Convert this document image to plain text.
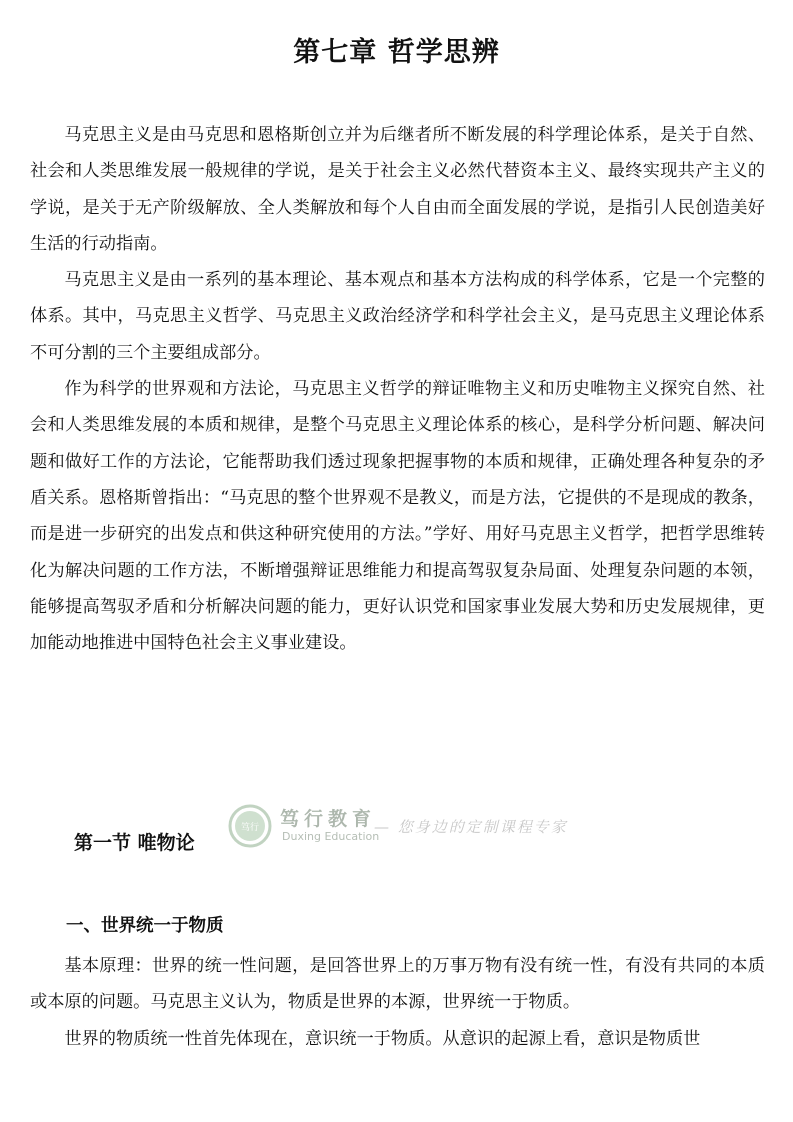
第七章 哲学思辨

马克思主义是由马克思和恩格斯创立并为后继者所不断发展的科学理论体系，是关于自然、社会和人类思维发展一般规律的学说，是关于社会主义必然代替资本主义、最终实现共产主义的学说，是关于无产阶级解放、全人类解放和每个人自由而全面发展的学说，是指引人民创造美好生活的行动指南。

马克思主义是由一系列的基本理论、基本观点和基本方法构成的科学体系，它是一个完整的体系。其中，马克思主义哲学、马克思主义政治经济学和科学社会主义，是马克思主义理论体系不可分割的三个主要组成部分。

作为科学的世界观和方法论，马克思主义哲学的辩证唯物主义和历史唯物主义探究自然、社会和人类思维发展的本质和规律，是整个马克思主义理论体系的核心，是科学分析问题、解决问题和做好工作的方法论，它能帮助我们透过现象把握事物的本质和规律，正确处理各种复杂的矛盾关系。恩格斯曾指出：“马克思的整个世界观不是教义，而是方法，它提供的不是现成的教条，而是进一步研究的出发点和供这种研究使用的方法。”学好、用好马克思主义哲学，把哲学思维转化为解决问题的工作方法，不断增强辩证思维能力和提高驾驭复杂局面、处理复杂问题的本领，能够提高驾驭矛盾和分析解决问题的能力，更好认识党和国家事业发展大势和历史发展规律，更加能动地推进中国特色社会主义事业建设。

第一节 唯物论
笃行 笃行教育
Duxing Education
— 您身边的定制课程专家
一、世界统一于物质

基本原理：世界的统一性问题，是回答世界上的万事万物有没有统一性，有没有共同的本质或本原的问题。马克思主义认为，物质是世界的本源，世界统一于物质。

世界的物质统一性首先体现在，意识统一于物质。从意识的起源上看，意识是物质世
